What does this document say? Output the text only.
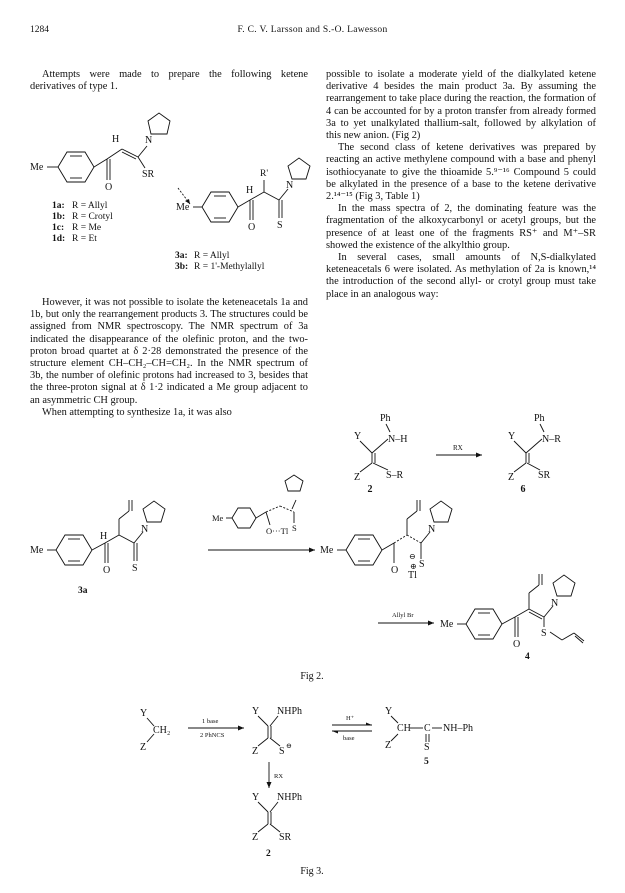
1284	F. C. V. Larsson and S.-O. Lawesson

Attempts were made to prepare the following ketene derivatives of type 1.

Me
O
H	N
SR
1a: R = Allyl
1b: R = Crotyl
1c: R = Me
1d: R = Et
Me
O
H
R'
S
N
3a: R = Allyl
3b: R = 1'-Methylallyl

However, it was not possible to isolate the keteneacetals 1a and 1b, but only the rearrangement products 3. The structures could be assigned from NMR spectroscopy. The NMR spectrum of 3a indicated the disappearance of the olefinic proton, and the two-proton broad quartet at δ 2·28 demonstrated the presence of the structure element CH–CH₂–CH=CH₂. In the NMR spectrum of 3b, the number of olefinic protons had increased to 3, besides that the three-proton signal at δ 1·2 indicated a Me group adjacent to an asymmetric CH group.

When attempting to synthesize 1a, it was also

possible to isolate a moderate yield of the dialkylated ketene derivative 4 besides the main product 3a. By assuming the rearrangement to take place during the reaction, the formation of 4 can be accounted for by a proton transfer from already formed 3a to yet unalkylated thallium-salt, followed by alkylation of this new anion. (Fig 2)

The second class of ketene derivatives was prepared by reacting an active methylene compound with a base and phenyl isothiocyanate to give the thioamide 5.⁹⁻¹⁶ Compound 5 could be alkylated in the presence of a base to the ketene derivative 2.¹⁴⁻¹⁵ (Fig 3, Table 1)

In the mass spectra of 2, the dominating feature was the fragmentation of the alkoxycarbonyl or acetyl groups, but the presence of at least one of the fragments RS⁺ and M⁺–SR showed the existence of the alkylthio group.

In several cases, small amounts of N,S-dialkylated keteneacetals 6 were isolated. As methylation of 2a is known,¹⁴ the introduction of the second allyl- or crotyl group must take place in an analogous way:

Ph
N–H
Y
Z	S–R
RX
Ph
N–R
Y
Z SR
2	6
Me
O
H
S
N
3a
Me
O···Tl S
Me
O
S
⊖
⊕
Tl
N
Allyl Br
Me
O
N
S
4
Fig 2.
Y
CH₂
Z
1 base
2 PhNCS
Y NHPh
Z S ⊖
H⁺
base
Y
CH C NH–Ph
S
Z
5
RX
Y NHPh
Z SR
2
Fig 3.
